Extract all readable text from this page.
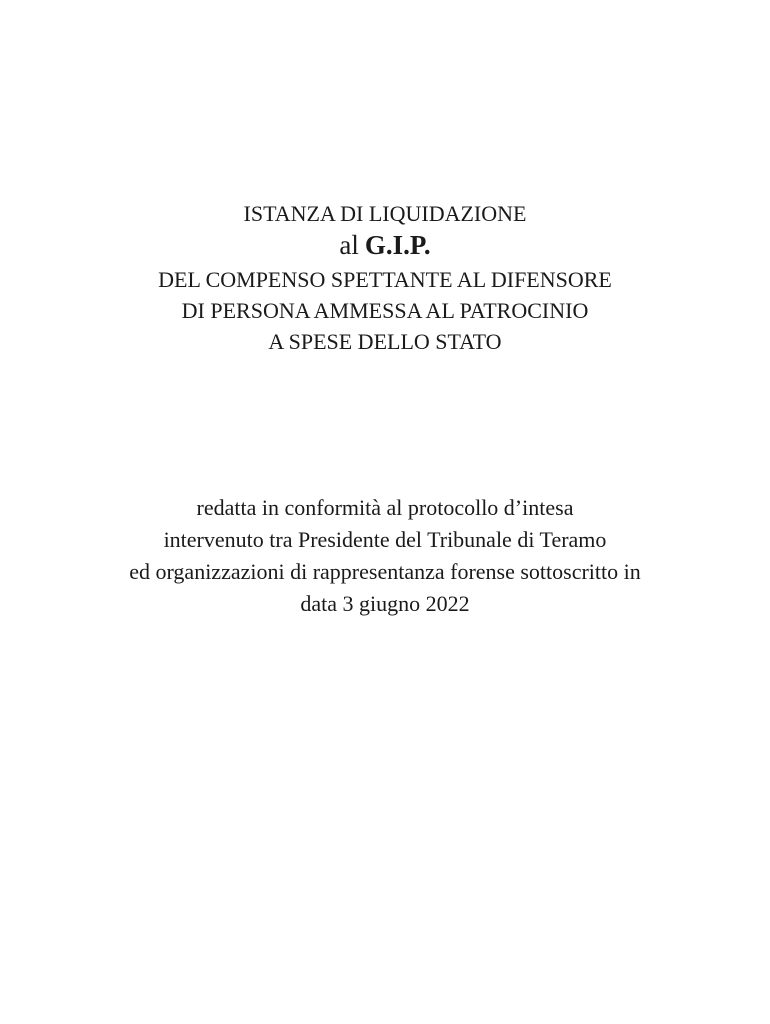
ISTANZA DI LIQUIDAZIONE
al G.I.P.
DEL COMPENSO SPETTANTE AL DIFENSORE
DI PERSONA AMMESSA AL PATROCINIO
A SPESE DELLO STATO
redatta in conformità al protocollo d’intesa
intervenuto tra Presidente del Tribunale di Teramo
ed organizzazioni di rappresentanza forense sottoscritto in
data 3 giugno 2022
